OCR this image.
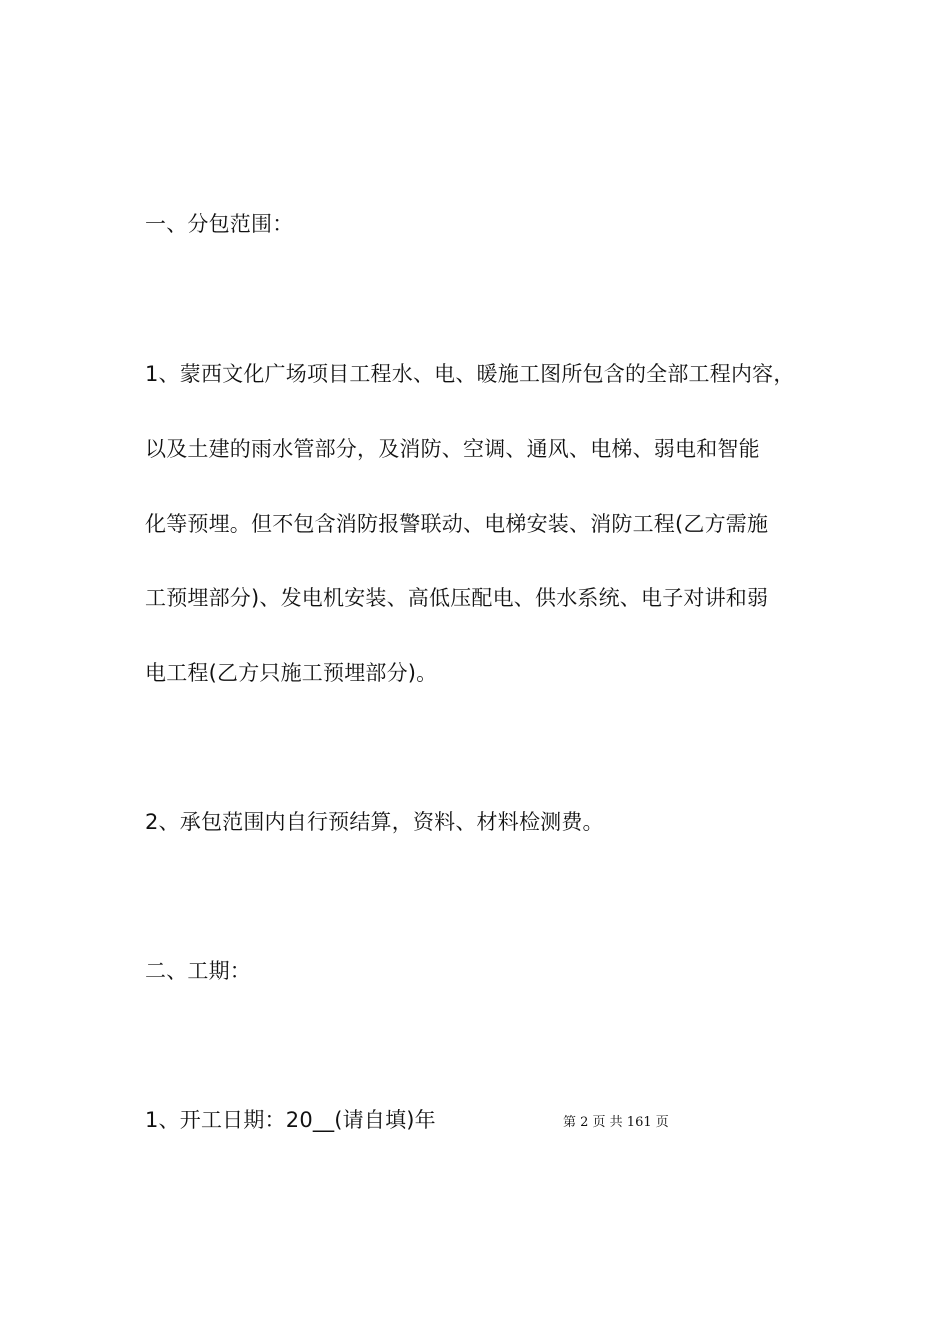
一、分包范围：
1、蒙西文化广场项目工程水、电、暖施工图所包含的全部工程内容，
以及土建的雨水管部分，及消防、空调、通风、电梯、弱电和智能
化等预埋。但不包含消防报警联动、电梯安装、消防工程(乙方需施
工预埋部分)、发电机安装、高低压配电、供水系统、电子对讲和弱
电工程(乙方只施工预埋部分)。
2、承包范围内自行预结算，资料、材料检测费。
二、工期：
1、开工日期：20__(请自填)年	第 2 页 共 161 页
